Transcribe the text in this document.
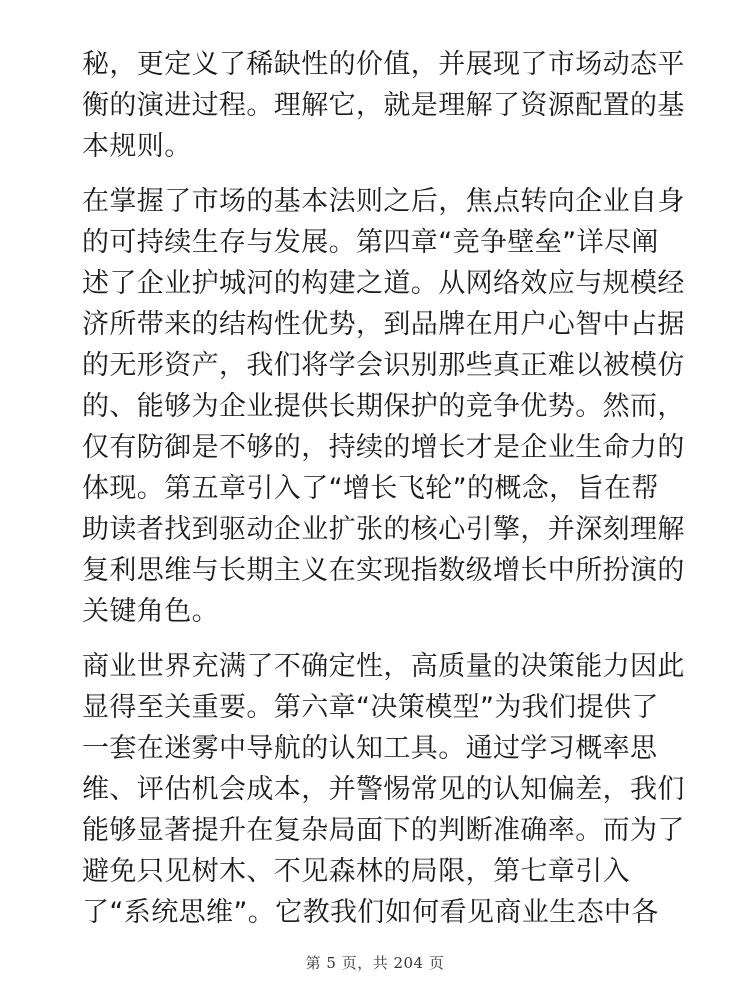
秘，更定义了稀缺性的价值，并展现了市场动态平
衡的演进过程。理解它，就是理解了资源配置的基
本规则。
在掌握了市场的基本法则之后，焦点转向企业自身
的可持续生存与发展。第四章“竞争壁垒”详尽阐
述了企业护城河的构建之道。从网络效应与规模经
济所带来的结构性优势，到品牌在用户心智中占据
的无形资产，我们将学会识别那些真正难以被模仿
的、能够为企业提供长期保护的竞争优势。然而，
仅有防御是不够的，持续的增长才是企业生命力的
体现。第五章引入了“增长飞轮”的概念，旨在帮
助读者找到驱动企业扩张的核心引擎，并深刻理解
复利思维与长期主义在实现指数级增长中所扮演的
关键角色。
商业世界充满了不确定性，高质量的决策能力因此
显得至关重要。第六章“决策模型”为我们提供了
一套在迷雾中导航的认知工具。通过学习概率思
维、评估机会成本，并警惕常见的认知偏差，我们
能够显著提升在复杂局面下的判断准确率。而为了
避免只见树木、不见森林的局限，第七章引入
了“系统思维”。它教我们如何看见商业生态中各
第 5 页，共 204 页
